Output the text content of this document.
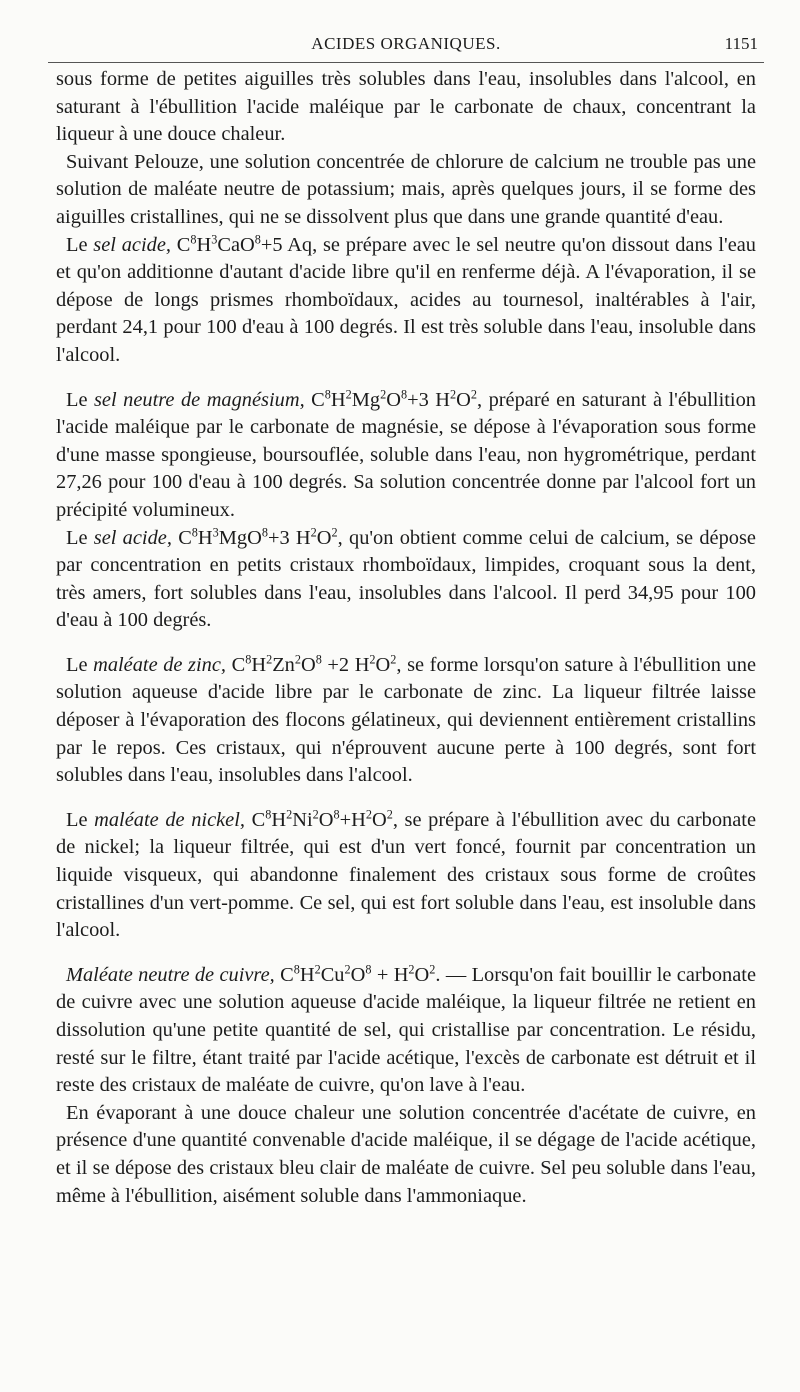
ACIDES ORGANIQUES.	1151

sous forme de petites aiguilles très solubles dans l'eau, insolubles dans l'alcool, en saturant à l'ébullition l'acide maléique par le carbonate de chaux, concentrant la liqueur à une douce chaleur.

Suivant Pelouze, une solution concentrée de chlorure de calcium ne trouble pas une solution de maléate neutre de potassium; mais, après quelques jours, il se forme des aiguilles cristallines, qui ne se dissolvent plus que dans une grande quantité d'eau.

Le sel acide, $C^8H^3CaO^8+5$ Aq, se prépare avec le sel neutre qu'on dissout dans l'eau et qu'on additionne d'autant d'acide libre qu'il en renferme déjà. A l'évaporation, il se dépose de longs prismes rhomboïdaux, acides au tournesol, inaltérables à l'air, perdant 24,1 pour 100 d'eau à 100 degrés. Il est très soluble dans l'eau, insoluble dans l'alcool.

Le sel neutre de magnésium, $C^8H^2Mg^2O^8+3$ $H^2O^2$, préparé en saturant à l'ébullition l'acide maléique par le carbonate de magnésie, se dépose à l'évaporation sous forme d'une masse spongieuse, boursouflée, soluble dans l'eau, non hygrométrique, perdant 27,26 pour 100 d'eau à 100 degrés. Sa solution concentrée donne par l'alcool fort un précipité volumineux.

Le sel acide, $C^8H^3MgO^8+3$ $H^2O^2$, qu'on obtient comme celui de calcium, se dépose par concentration en petits cristaux rhomboïdaux, limpides, croquant sous la dent, très amers, fort solubles dans l'eau, insolubles dans l'alcool. Il perd 34,95 pour 100 d'eau à 100 degrés.

Le maléate de zinc, $C^8H^2Zn^2O^8 +2$ $H^2O^2$, se forme lorsqu'on sature à l'ébullition une solution aqueuse d'acide libre par le carbonate de zinc. La liqueur filtrée laisse déposer à l'évaporation des flocons gélatineux, qui deviennent entièrement cristallins par le repos. Ces cristaux, qui n'éprouvent aucune perte à 100 degrés, sont fort solubles dans l'eau, insolubles dans l'alcool.

Le maléate de nickel, $C^8H^2Ni^2O^8+H^2O^2$, se prépare à l'ébullition avec du carbonate de nickel; la liqueur filtrée, qui est d'un vert foncé, fournit par concentration un liquide visqueux, qui abandonne finalement des cristaux sous forme de croûtes cristallines d'un vert-pomme. Ce sel, qui est fort soluble dans l'eau, est insoluble dans l'alcool.

Maléate neutre de cuivre, $C^8H^2Cu^2O^8 + H^2O^2$. — Lorsqu'on fait bouillir le carbonate de cuivre avec une solution aqueuse d'acide maléique, la liqueur filtrée ne retient en dissolution qu'une petite quantité de sel, qui cristallise par concentration. Le résidu, resté sur le filtre, étant traité par l'acide acétique, l'excès de carbonate est détruit et il reste des cristaux de maléate de cuivre, qu'on lave à l'eau.

En évaporant à une douce chaleur une solution concentrée d'acétate de cuivre, en présence d'une quantité convenable d'acide maléique, il se dégage de l'acide acétique, et il se dépose des cristaux bleu clair de maléate de cuivre. Sel peu soluble dans l'eau, même à l'ébullition, aisément soluble dans l'ammoniaque.
